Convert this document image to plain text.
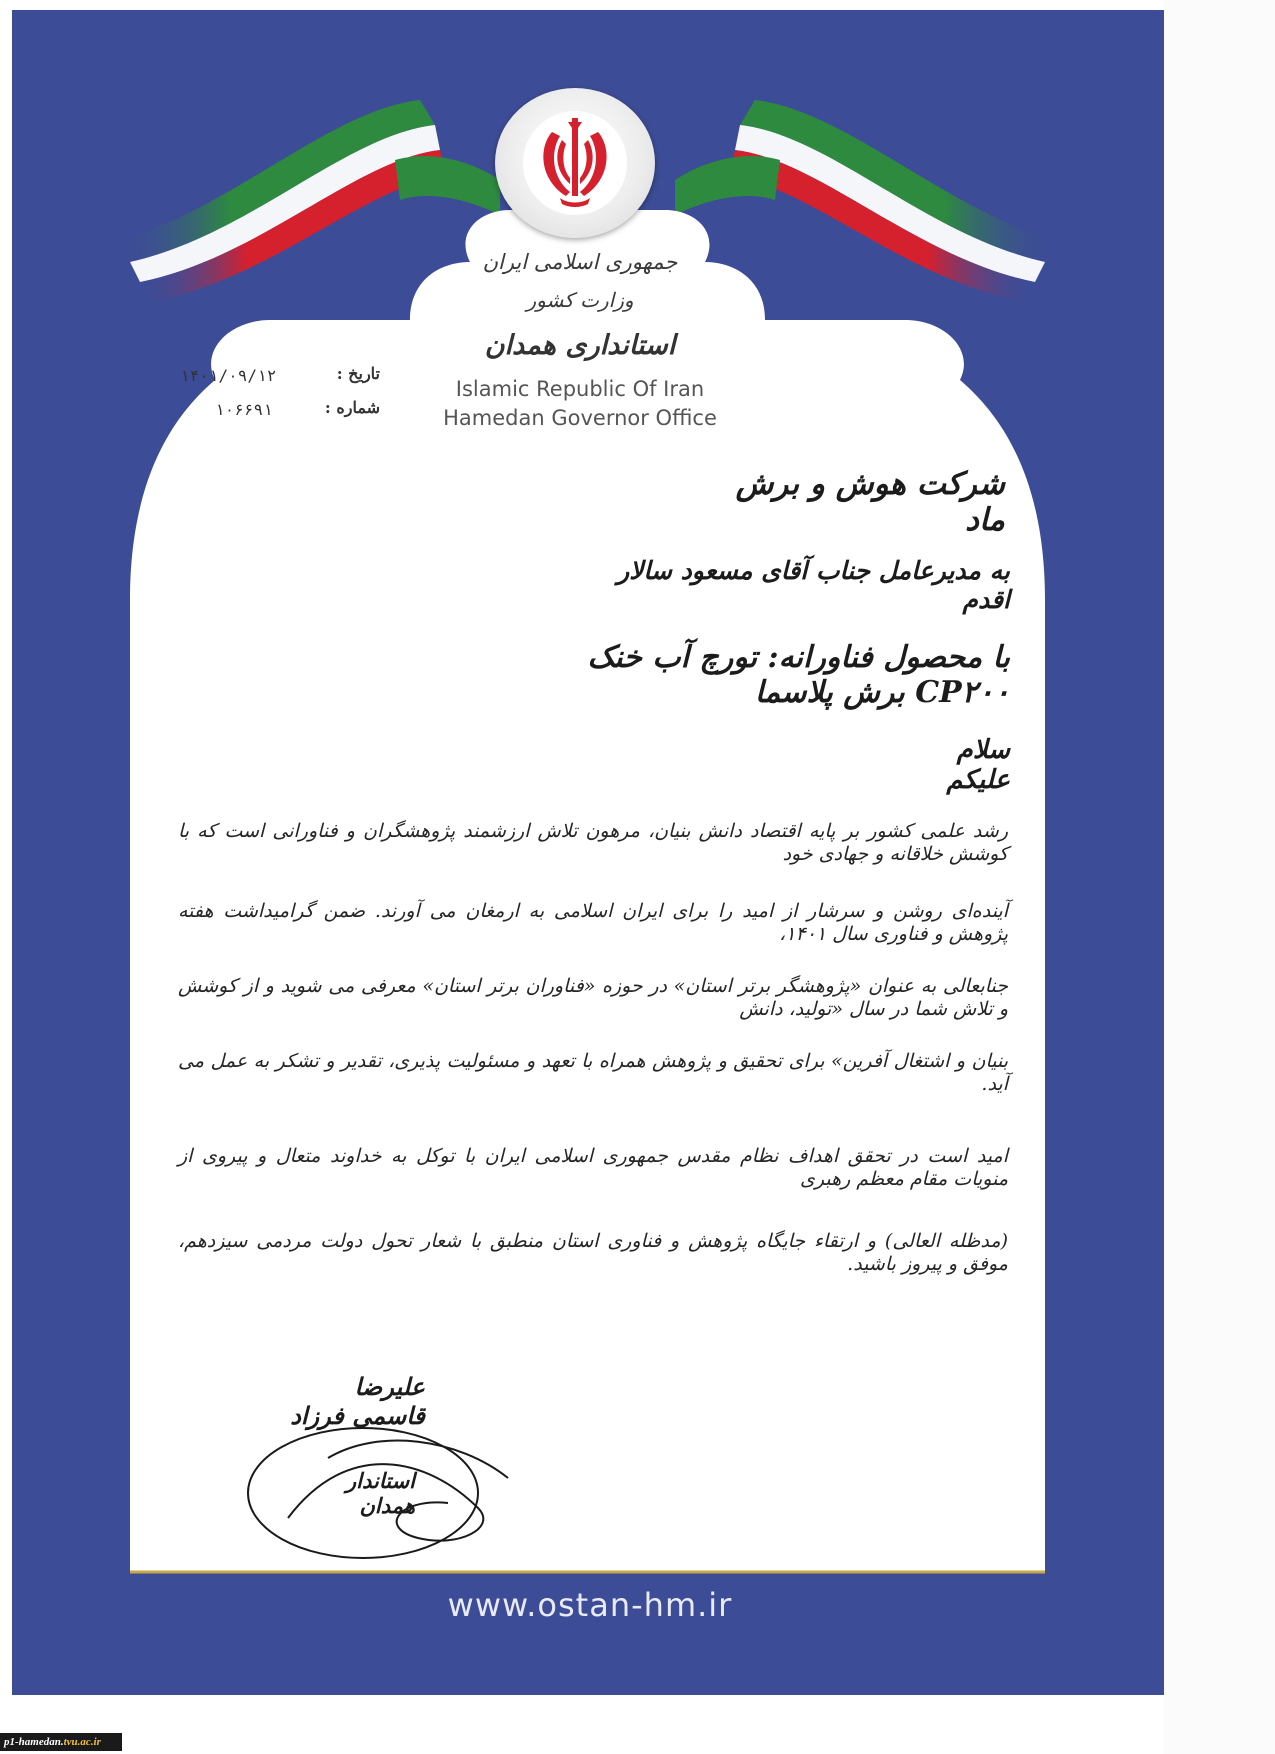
جمهوری اسلامی ایران
وزارت کشور
استانداری همدان
Islamic Republic Of Iran
Hamedan Governor Office
تاریخ :
۱۴۰۱/۰۹/۱۲
شماره :
۱۰۶۶۹۱
شرکت هوش و برش ماد
به مدیرعامل جناب آقای مسعود سالار اقدم
با محصول فناورانه: تورچ آب خنک CP۲۰۰ برش پلاسما
سلام علیکم
رشد علمی کشور بر پایه اقتصاد دانش بنیان، مرهون تلاش ارزشمند پژوهشگران و فناورانی است که با کوشش خلاقانه و جهادی خود
آینده‌ای روشن و سرشار از امید را برای ایران اسلامی به ارمغان می آورند. ضمن گرامیداشت هفته پژوهش و فناوری سال ۱۴۰۱،
جنابعالی به عنوان «پژوهشگر برتر استان» در حوزه «فناوران برتر استان» معرفی می شوید و از کوشش و تلاش شما در سال «تولید، دانش
بنیان و اشتغال آفرین» برای تحقیق و پژوهش همراه با تعهد و مسئولیت پذیری، تقدیر و تشکر به عمل می آید.
امید است در تحقق اهداف نظام مقدس جمهوری اسلامی ایران با توکل به خداوند متعال و پیروی از منویات مقام معظم رهبری
(مدظله العالی) و ارتقاء جایگاه پژوهش و فناوری استان منطبق با شعار تحول دولت مردمی سیزدهم، موفق و پیروز باشید.
علیرضا قاسمی فرزاد
استاندار همدان
www.ostan-hm.ir
p1-hamedan.tvu.ac.ir
